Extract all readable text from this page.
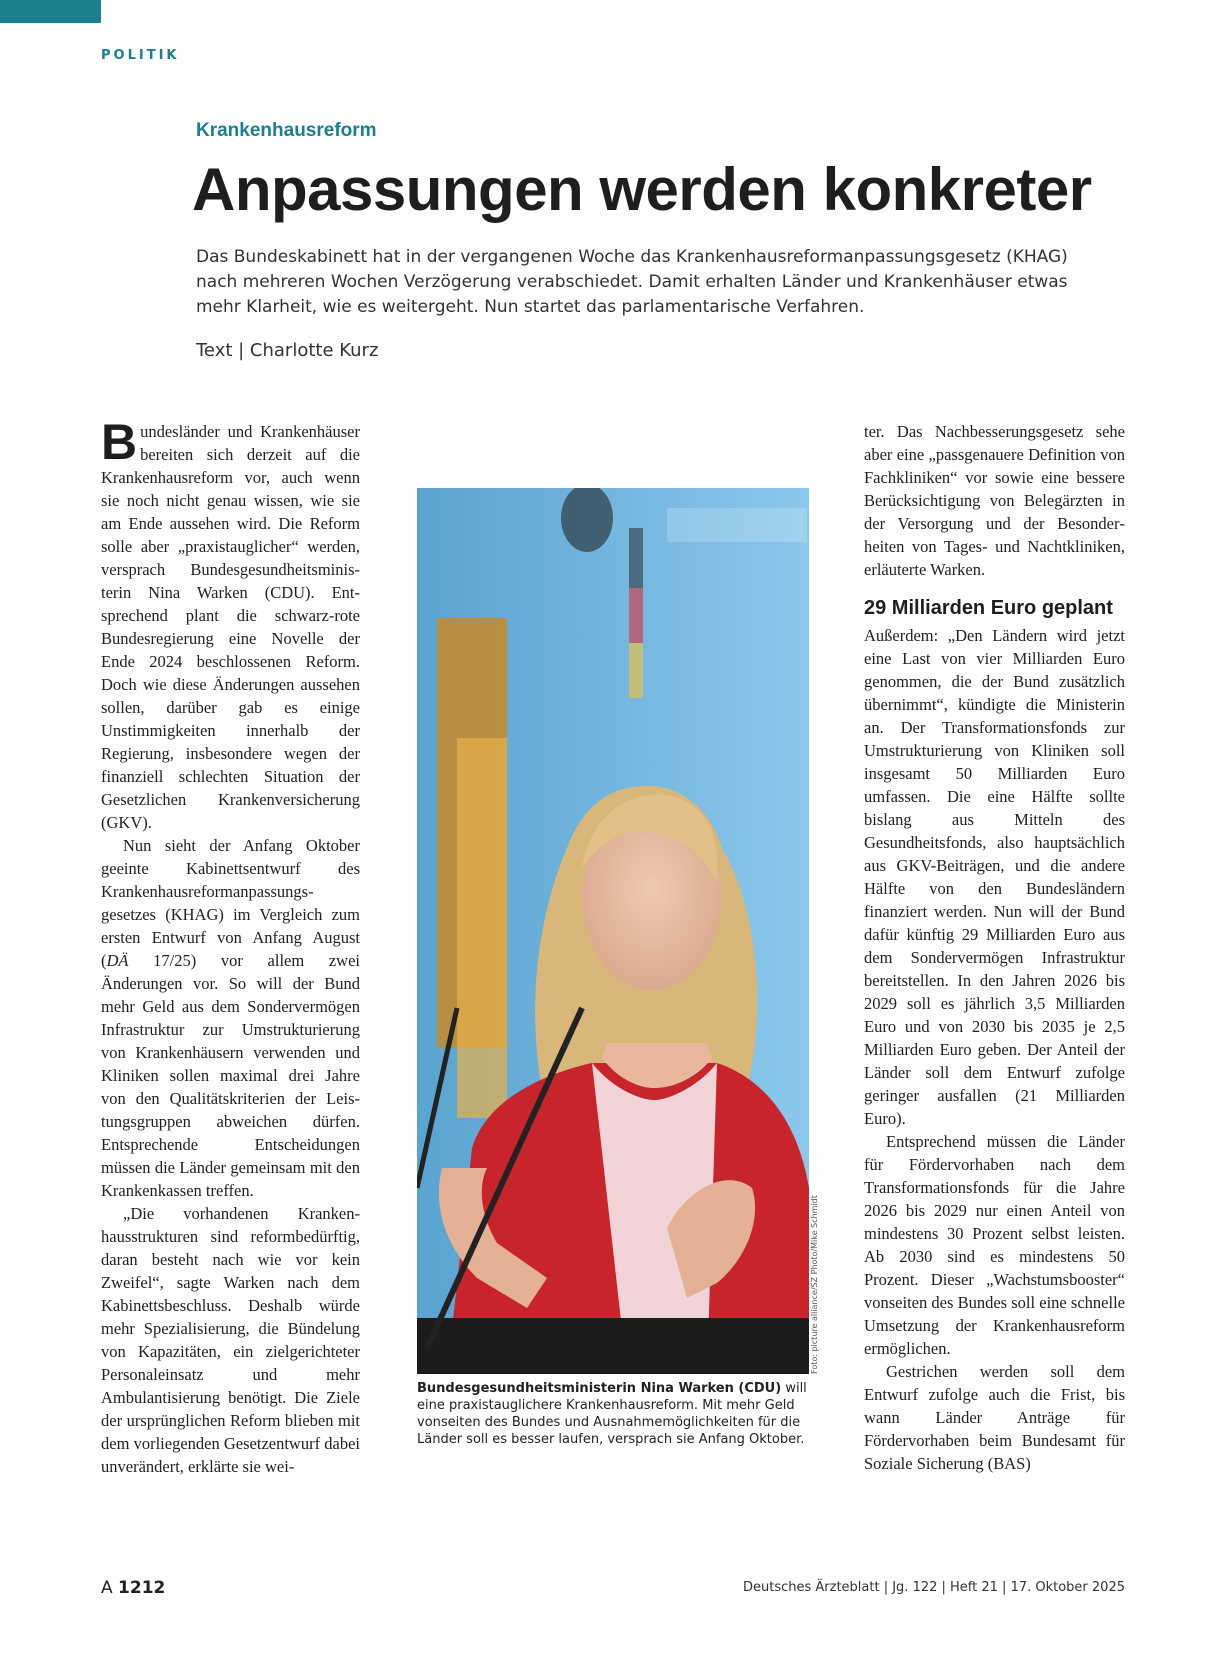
POLITIK
Krankenhausreform
Anpassungen werden konkreter

Das Bundeskabinett hat in der vergangenen Woche das Krankenhausreformanpassungsgesetz (KHAG) nach mehreren Wochen Verzögerung verabschiedet. Damit erhalten Länder und Krankenhäuser etwas mehr Klarheit, wie es weitergeht. Nun startet das parlamentarische Verfahren.

Text | Charlotte Kurz

Bundesländer und Krankenhäuser bereiten sich derzeit auf die Krankenhausreform vor, auch wenn sie noch nicht genau wissen, wie sie am Ende aussehen wird. Die Reform solle aber „praxistauglicher“ werden, versprach Bundesgesundheitsministerin Nina Warken (CDU). Entsprechend plant die schwarz-rote Bundesregierung eine Novelle der Ende 2024 beschlossenen Reform. Doch wie diese Änderungen aussehen sollen, darüber gab es einige Unstimmigkeiten innerhalb der Regierung, insbesondere wegen der finanziell schlechten Situation der Gesetzlichen Krankenversicherung (GKV).

Nun sieht der Anfang Oktober geeinte Kabinettsentwurf des Krankenhausreformanpassungsgesetzes (KHAG) im Vergleich zum ersten Entwurf von Anfang August (DÄ 17/25) vor allem zwei Änderungen vor. So will der Bund mehr Geld aus dem Sondervermögen Infrastruktur zur Umstrukturierung von Krankenhäusern verwenden und Kliniken sollen maximal drei Jahre von den Qualitätskriterien der Leistungsgruppen abweichen dürfen. Entsprechende Entscheidungen müssen die Länder gemeinsam mit den Krankenkassen treffen.

„Die vorhandenen Krankenhausstrukturen sind reformbedürftig, daran besteht nach wie vor kein Zweifel“, sagte Warken nach dem Kabinettsbeschluss. Deshalb würde mehr Spezialisierung, die Bündelung von Kapazitäten, ein zielgerichteter Personaleinsatz und mehr Ambulantisierung benötigt. Die Ziele der ursprünglichen Reform blieben mit dem vorliegenden Gesetzentwurf dabei unverändert, erklärte sie wei-

Foto: picture alliance/SZ Photo/Mike Schmidt

Bundesgesundheitsministerin Nina Warken (CDU) will eine praxistauglichere Krankenhausreform. Mit mehr Geld vonseiten des Bundes und Ausnahmemöglichkeiten für die Länder soll es besser laufen, versprach sie Anfang Oktober.

ter. Das Nachbesserungsgesetz sehe aber eine „passgenauere Definition von Fachkliniken“ vor sowie eine bessere Berücksichtigung von Belegärzten in der Versorgung und der Besonderheiten von Tages- und Nachtkliniken, erläuterte Warken.

29 Milliarden Euro geplant

Außerdem: „Den Ländern wird jetzt eine Last von vier Milliarden Euro genommen, die der Bund zusätzlich übernimmt“, kündigte die Ministerin an. Der Transformationsfonds zur Umstrukturierung von Kliniken soll insgesamt 50 Milliarden Euro umfassen. Die eine Hälfte sollte bislang aus Mitteln des Gesundheitsfonds, also hauptsächlich aus GKV-Beiträgen, und die andere Hälfte von den Bundesländern finanziert werden. Nun will der Bund dafür künftig 29 Milliarden Euro aus dem Sondervermögen Infrastruktur bereitstellen. In den Jahren 2026 bis 2029 soll es jährlich 3,5 Milliarden Euro und von 2030 bis 2035 je 2,5 Milliarden Euro geben. Der Anteil der Länder soll dem Entwurf zufolge geringer ausfallen (21 Milliarden Euro).

Entsprechend müssen die Länder für Fördervorhaben nach dem Transformationsfonds für die Jahre 2026 bis 2029 nur einen Anteil von mindestens 30 Prozent selbst leisten. Ab 2030 sind es mindestens 50 Prozent. Dieser „Wachstumsbooster“ vonseiten des Bundes soll eine schnelle Umsetzung der Krankenhausreform ermöglichen.

Gestrichen werden soll dem Entwurf zufolge auch die Frist, bis wann Länder Anträge für Fördervorhaben beim Bundesamt für Soziale Sicherung (BAS)

A 1212	Deutsches Ärzteblatt | Jg. 122 | Heft 21 | 17. Oktober 2025
